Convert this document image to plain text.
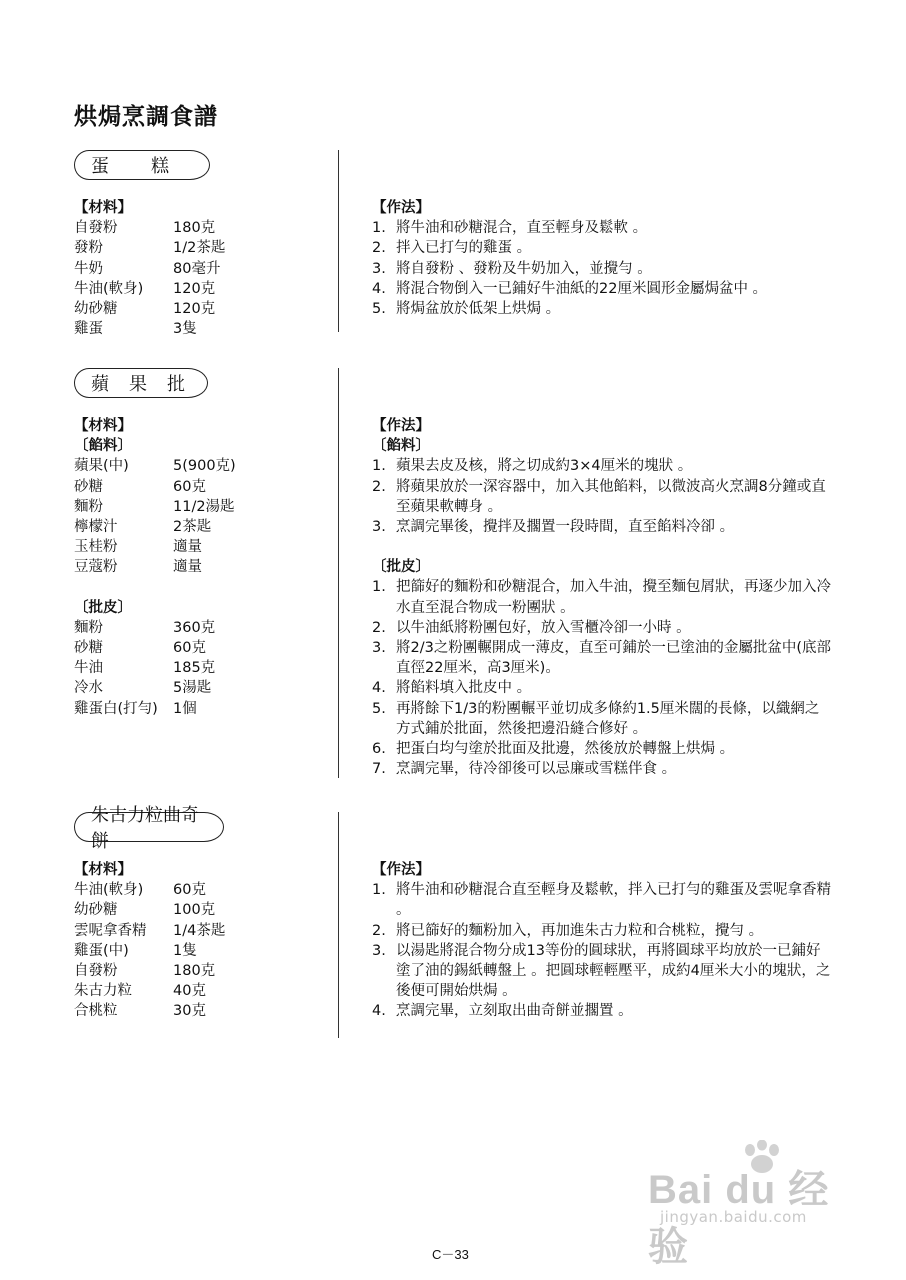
烘焗烹調食譜
蛋　　糕
【材料】
自發粉	180克
發粉	1/2茶匙
牛奶	80毫升
牛油(軟身)	120克
幼砂糖	120克
雞蛋	3隻
【作法】
1. 將牛油和砂糖混合，直至輕身及鬆軟 。
2. 拌入已打勻的雞蛋 。
3. 將自發粉 、發粉及牛奶加入，並攪勻 。
4. 將混合物倒入一已鋪好牛油紙的22厘米圓形金屬焗盆中 。
5. 將焗盆放於低架上烘焗 。
蘋　果　批
【材料】
〔餡料〕
蘋果(中)	5(900克)
砂糖	60克
麵粉	11/2湯匙
檸檬汁	2茶匙
玉桂粉	適量
豆蔻粉	適量
〔批皮〕
麵粉	360克
砂糖	60克
牛油	185克
冷水	5湯匙
雞蛋白(打勻)	1個
【作法】
〔餡料〕
1. 蘋果去皮及核，將之切成約3×4厘米的塊狀 。
2. 將蘋果放於一深容器中，加入其他餡料，以微波高火烹調8分鐘或直至蘋果軟轉身 。
3. 烹調完畢後，攪拌及擱置一段時間，直至餡料冷卻 。
〔批皮〕
1. 把篩好的麵粉和砂糖混合，加入牛油，攪至麵包屑狀，再逐少加入冷水直至混合物成一粉團狀 。
2. 以牛油紙將粉團包好，放入雪櫃冷卻一小時 。
3. 將2/3之粉團輾開成一薄皮，直至可鋪於一已塗油的金屬批盆中(底部直徑22厘米，高3厘米)。
4. 將餡料填入批皮中 。
5. 再將餘下1/3的粉團輾平並切成多條約1.5厘米闊的長條，以織網之方式鋪於批面，然後把邊沿縫合修好 。
6. 把蛋白均勻塗於批面及批邊，然後放於轉盤上烘焗 。
7. 烹調完畢，待冷卻後可以忌廉或雪糕伴食 。
朱古力粒曲奇餅
【材料】
牛油(軟身)	60克
幼砂糖	100克
雲呢拿香精	1/4茶匙
雞蛋(中)	1隻
自發粉	180克
朱古力粒	40克
合桃粒	30克
【作法】
1. 將牛油和砂糖混合直至輕身及鬆軟，拌入已打勻的雞蛋及雲呢拿香精 。
2. 將已篩好的麵粉加入，再加進朱古力粒和合桃粒，攪勻 。
3. 以湯匙將混合物分成13等份的圓球狀，再將圓球平均放於一已鋪好塗了油的錫紙轉盤上 。把圓球輕輕壓平，成約4厘米大小的塊狀，之後便可開始烘焗 。
4. 烹調完畢，立刻取出曲奇餅並擱置 。
Bai du 经验
jingyan.baidu.com
C－33
